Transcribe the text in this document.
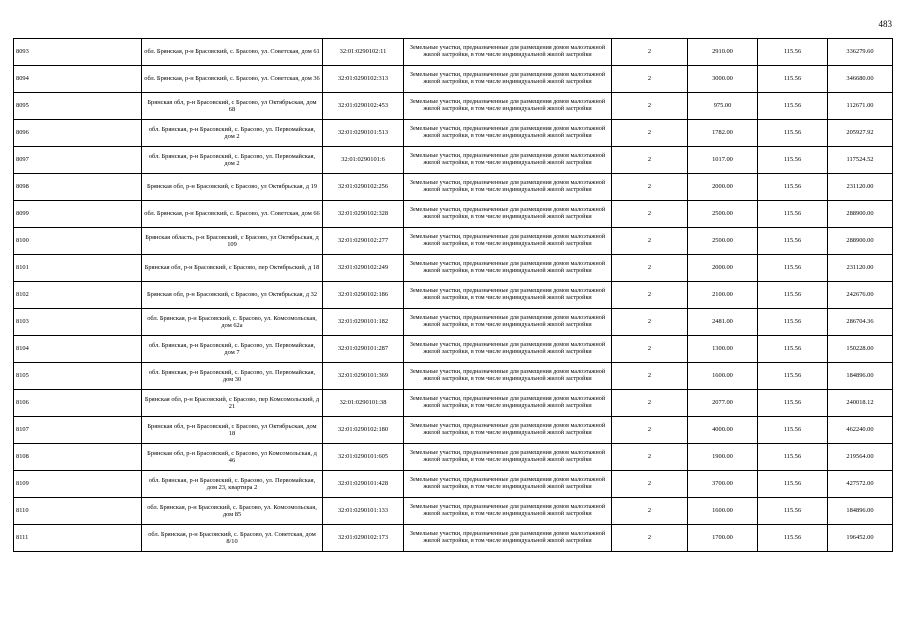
483
8093	обл. Брянская, р-н Брасовский, с. Брасово, ул. Советская, дом 61	32:01:0290102:11	Земельные участки, предназначенные для размещения домов малоэтажной жилой застройки, в том числе индивидуальной жилой застройки	2	2910.00	115.56	336279.60
8094	обл. Брянская, р-н Брасовский, с. Брасово, ул. Советская, дом 36	32:01:0290102:313	Земельные участки, предназначенные для размещения домов малоэтажной жилой застройки, в том числе индивидуальной жилой застройки	2	3000.00	115.56	346680.00
8095	Брянская обл, р-н Брасовский, с Брасово, ул Октябрьская, дом 68	32:01:0290102:453	Земельные участки, предназначенные для размещения домов малоэтажной жилой застройки, в том числе индивидуальной жилой застройки	2	975.00	115.56	112671.00
8096	обл. Брянская, р-н Брасовский, с. Брасово, ул. Первомайская, дом 2	32:01:0290101:513	Земельные участки, предназначенные для размещения домов малоэтажной жилой застройки, в том числе индивидуальной жилой застройки	2	1782.00	115.56	205927.92
8097	обл. Брянская, р-н Брасовский, с. Брасово, ул. Первомайская, дом 2	32:01:0290101:6	Земельные участки, предназначенные для размещения домов малоэтажной жилой застройки, в том числе индивидуальной жилой застройки	2	1017.00	115.56	117524.52
8098	Брянская обл, р-н Брасовский, с Брасово, ул Октябрьская, д 19	32:01:0290102:256	Земельные участки, предназначенные для размещения домов малоэтажной жилой застройки, в том числе индивидуальной жилой застройки	2	2000.00	115.56	231120.00
8099	обл. Брянская, р-н Брасовский, с. Брасово, ул. Советская, дом 66	32:01:0290102:328	Земельные участки, предназначенные для размещения домов малоэтажной жилой застройки, в том числе индивидуальной жилой застройки	2	2500.00	115.56	288900.00
8100	Брянская область, р-н Брасовский, с Брасово, ул Октябрьская, д 109	32:01:0290102:277	Земельные участки, предназначенные для размещения домов малоэтажной жилой застройки, в том числе индивидуальной жилой застройки	2	2500.00	115.56	288900.00
8101	Брянская обл, р-н Брасовский, с Брасово, пер Октябрьский, д 18	32:01:0290102:249	Земельные участки, предназначенные для размещения домов малоэтажной жилой застройки, в том числе индивидуальной жилой застройки	2	2000.00	115.56	231120.00
8102	Брянская обл, р-н Брасовский, с Брасово, ул Октябрьская, д 32	32:01:0290102:186	Земельные участки, предназначенные для размещения домов малоэтажной жилой застройки, в том числе индивидуальной жилой застройки	2	2100.00	115.56	242676.00
8103	обл. Брянская, р-н Брасовский, с. Брасово, ул. Комсомольская, дом 62а	32:01:0290101:182	Земельные участки, предназначенные для размещения домов малоэтажной жилой застройки, в том числе индивидуальной жилой застройки	2	2481.00	115.56	286704.36
8104	обл. Брянская, р-н Брасовский, с. Брасово, ул. Первомайская, дом 7	32:01:0290101:287	Земельные участки, предназначенные для размещения домов малоэтажной жилой застройки, в том числе индивидуальной жилой застройки	2	1300.00	115.56	150228.00
8105	обл. Брянская, р-н Брасовский, с. Брасово, ул. Первомайская, дом 30	32:01:0290101:369	Земельные участки, предназначенные для размещения домов малоэтажной жилой застройки, в том числе индивидуальной жилой застройки	2	1600.00	115.56	184896.00
8106	Брянская обл, р-н Брасовский, с Брасово, пер Комсомольский, д 21	32:01:0290101:38	Земельные участки, предназначенные для размещения домов малоэтажной жилой застройки, в том числе индивидуальной жилой застройки	2	2077.00	115.56	240018.12
8107	Брянская обл, р-н Брасовский, с Брасово, ул Октябрьская, дом 18	32:01:0290102:180	Земельные участки, предназначенные для размещения домов малоэтажной жилой застройки, в том числе индивидуальной жилой застройки	2	4000.00	115.56	462240.00
8108	Брянская обл, р-н Брасовский, с Брасово, ул Комсомольская, д 46	32:01:0290101:605	Земельные участки, предназначенные для размещения домов малоэтажной жилой застройки, в том числе индивидуальной жилой застройки	2	1900.00	115.56	219564.00
8109	обл. Брянская, р-н Брасовский, с. Брасово, ул. Первомайская, дом 23, квартира 2	32:01:0290101:428	Земельные участки, предназначенные для размещения домов малоэтажной жилой застройки, в том числе индивидуальной жилой застройки	2	3700.00	115.56	427572.00
8110	обл. Брянская, р-н Брасовский, с. Брасово, ул. Комсомольская, дом 85	32:01:0290101:133	Земельные участки, предназначенные для размещения домов малоэтажной жилой застройки, в том числе индивидуальной жилой застройки	2	1600.00	115.56	184896.00
8111	обл. Брянская, р-н Брасовский, с. Брасово, ул. Советская, дом 8/10	32:01:0290102:173	Земельные участки, предназначенные для размещения домов малоэтажной жилой застройки, в том числе индивидуальной жилой застройки	2	1700.00	115.56	196452.00
